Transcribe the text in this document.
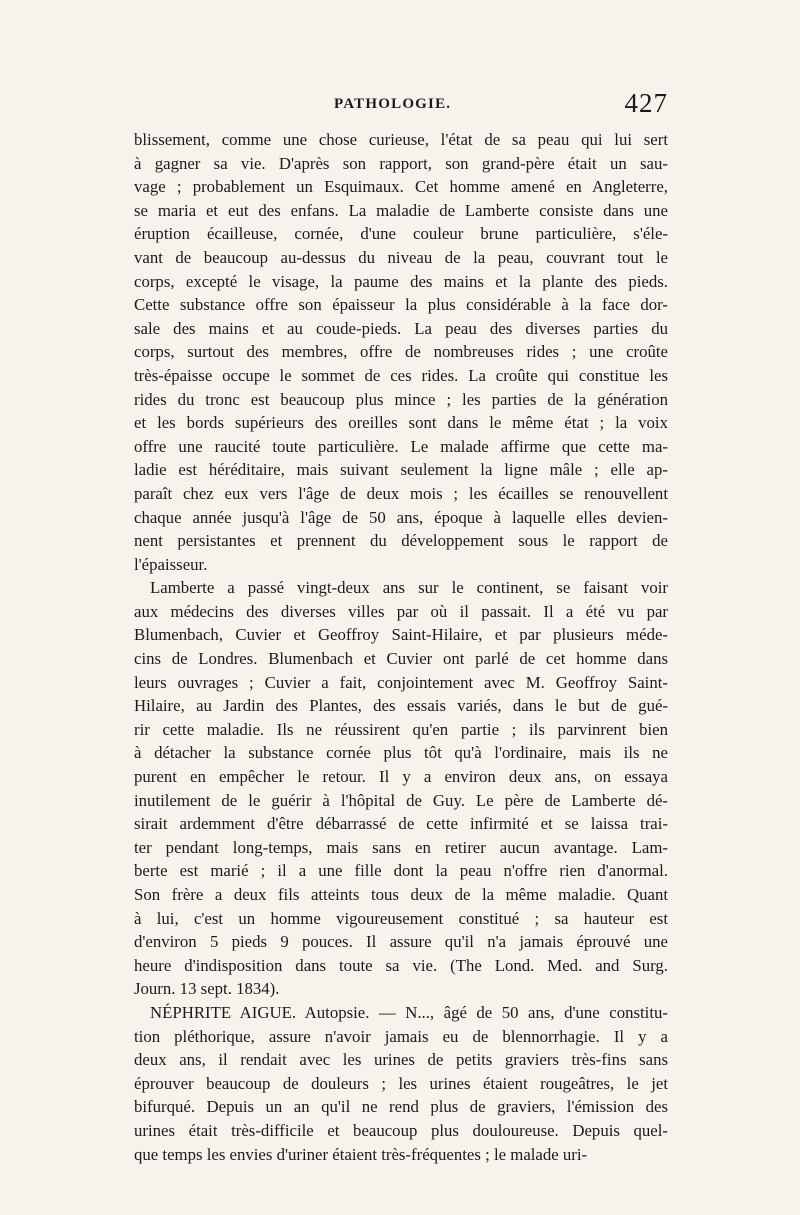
PATHOLOGIE.	427
blissement, comme une chose curieuse, l'état de sa peau qui lui sert
à gagner sa vie. D'après son rapport, son grand-père était un sau-
vage ; probablement un Esquimaux. Cet homme amené en Angleterre,
se maria et eut des enfans. La maladie de Lamberte consiste dans une
éruption écailleuse, cornée, d'une couleur brune particulière, s'éle-
vant de beaucoup au-dessus du niveau de la peau, couvrant tout le
corps, excepté le visage, la paume des mains et la plante des pieds.
Cette substance offre son épaisseur la plus considérable à la face dor-
sale des mains et au coude-pieds. La peau des diverses parties du
corps, surtout des membres, offre de nombreuses rides ; une croûte
très-épaisse occupe le sommet de ces rides. La croûte qui constitue les
rides du tronc est beaucoup plus mince ; les parties de la génération
et les bords supérieurs des oreilles sont dans le même état ; la voix
offre une raucité toute particulière. Le malade affirme que cette ma-
ladie est héréditaire, mais suivant seulement la ligne mâle ; elle ap-
paraît chez eux vers l'âge de deux mois ; les écailles se renouvellent
chaque année jusqu'à l'âge de 50 ans, époque à laquelle elles devien-
nent persistantes et prennent du développement sous le rapport de
l'épaisseur.
Lamberte a passé vingt-deux ans sur le continent, se faisant voir
aux médecins des diverses villes par où il passait. Il a été vu par
Blumenbach, Cuvier et Geoffroy Saint-Hilaire, et par plusieurs méde-
cins de Londres. Blumenbach et Cuvier ont parlé de cet homme dans
leurs ouvrages ; Cuvier a fait, conjointement avec M. Geoffroy Saint-
Hilaire, au Jardin des Plantes, des essais variés, dans le but de gué-
rir cette maladie. Ils ne réussirent qu'en partie ; ils parvinrent bien
à détacher la substance cornée plus tôt qu'à l'ordinaire, mais ils ne
purent en empêcher le retour. Il y a environ deux ans, on essaya
inutilement de le guérir à l'hôpital de Guy. Le père de Lamberte dé-
sirait ardemment d'être débarrassé de cette infirmité et se laissa trai-
ter pendant long-temps, mais sans en retirer aucun avantage. Lam-
berte est marié ; il a une fille dont la peau n'offre rien d'anormal.
Son frère a deux fils atteints tous deux de la même maladie. Quant
à lui, c'est un homme vigoureusement constitué ; sa hauteur est
d'environ 5 pieds 9 pouces. Il assure qu'il n'a jamais éprouvé une
heure d'indisposition dans toute sa vie. (The Lond. Med. and Surg.
Journ. 13 sept. 1834).
NÉPHRITE AIGUE. Autopsie. — N..., âgé de 50 ans, d'une constitu-
tion pléthorique, assure n'avoir jamais eu de blennorrhagie. Il y a
deux ans, il rendait avec les urines de petits graviers très-fins sans
éprouver beaucoup de douleurs ; les urines étaient rougeâtres, le jet
bifurqué. Depuis un an qu'il ne rend plus de graviers, l'émission des
urines était très-difficile et beaucoup plus douloureuse. Depuis quel-
que temps les envies d'uriner étaient très-fréquentes ; le malade uri-
